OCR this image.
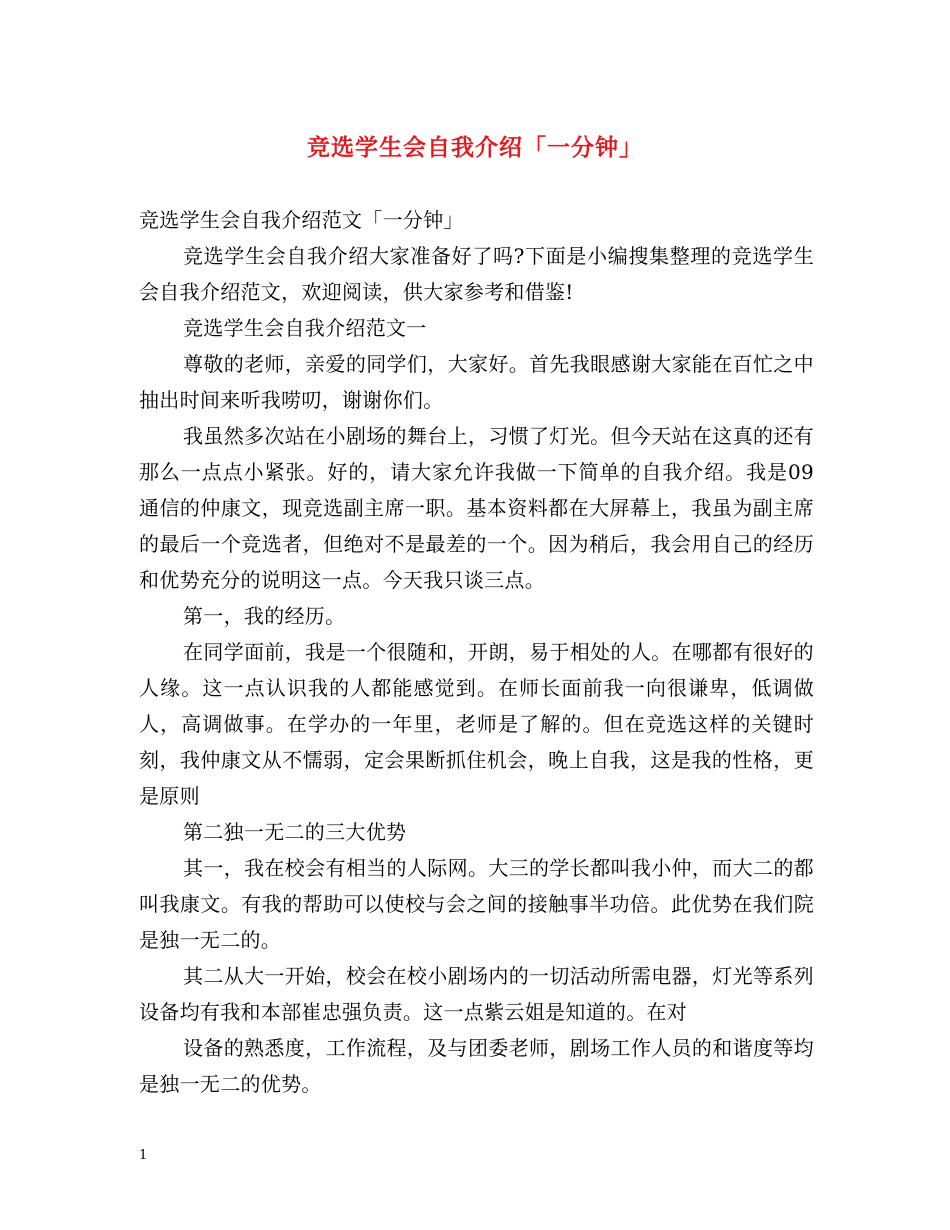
竞选学生会自我介绍「一分钟」

竞选学生会自我介绍范文「一分钟」

竞选学生会自我介绍大家准备好了吗?下面是小编搜集整理的竞选学生会自我介绍范文，欢迎阅读，供大家参考和借鉴!

竞选学生会自我介绍范文一

尊敬的老师，亲爱的同学们，大家好。首先我眼感谢大家能在百忙之中抽出时间来听我唠叨，谢谢你们。

我虽然多次站在小剧场的舞台上，习惯了灯光。但今天站在这真的还有那么一点点小紧张。好的，请大家允许我做一下简单的自我介绍。我是09通信的仲康文，现竞选副主席一职。基本资料都在大屏幕上，我虽为副主席的最后一个竞选者，但绝对不是最差的一个。因为稍后，我会用自己的经历和优势充分的说明这一点。今天我只谈三点。

第一，我的经历。

在同学面前，我是一个很随和，开朗，易于相处的人。在哪都有很好的人缘。这一点认识我的人都能感觉到。在师长面前我一向很谦卑，低调做人，高调做事。在学办的一年里，老师是了解的。但在竞选这样的关键时刻，我仲康文从不懦弱，定会果断抓住机会，晚上自我，这是我的性格，更是原则

第二独一无二的三大优势

其一，我在校会有相当的人际网。大三的学长都叫我小仲，而大二的都叫我康文。有我的帮助可以使校与会之间的接触事半功倍。此优势在我们院是独一无二的。

其二从大一开始，校会在校小剧场内的一切活动所需电器，灯光等系列设备均有我和本部崔忠强负责。这一点紫云姐是知道的。在对

设备的熟悉度，工作流程，及与团委老师，剧场工作人员的和谐度等均是独一无二的优势。

1
